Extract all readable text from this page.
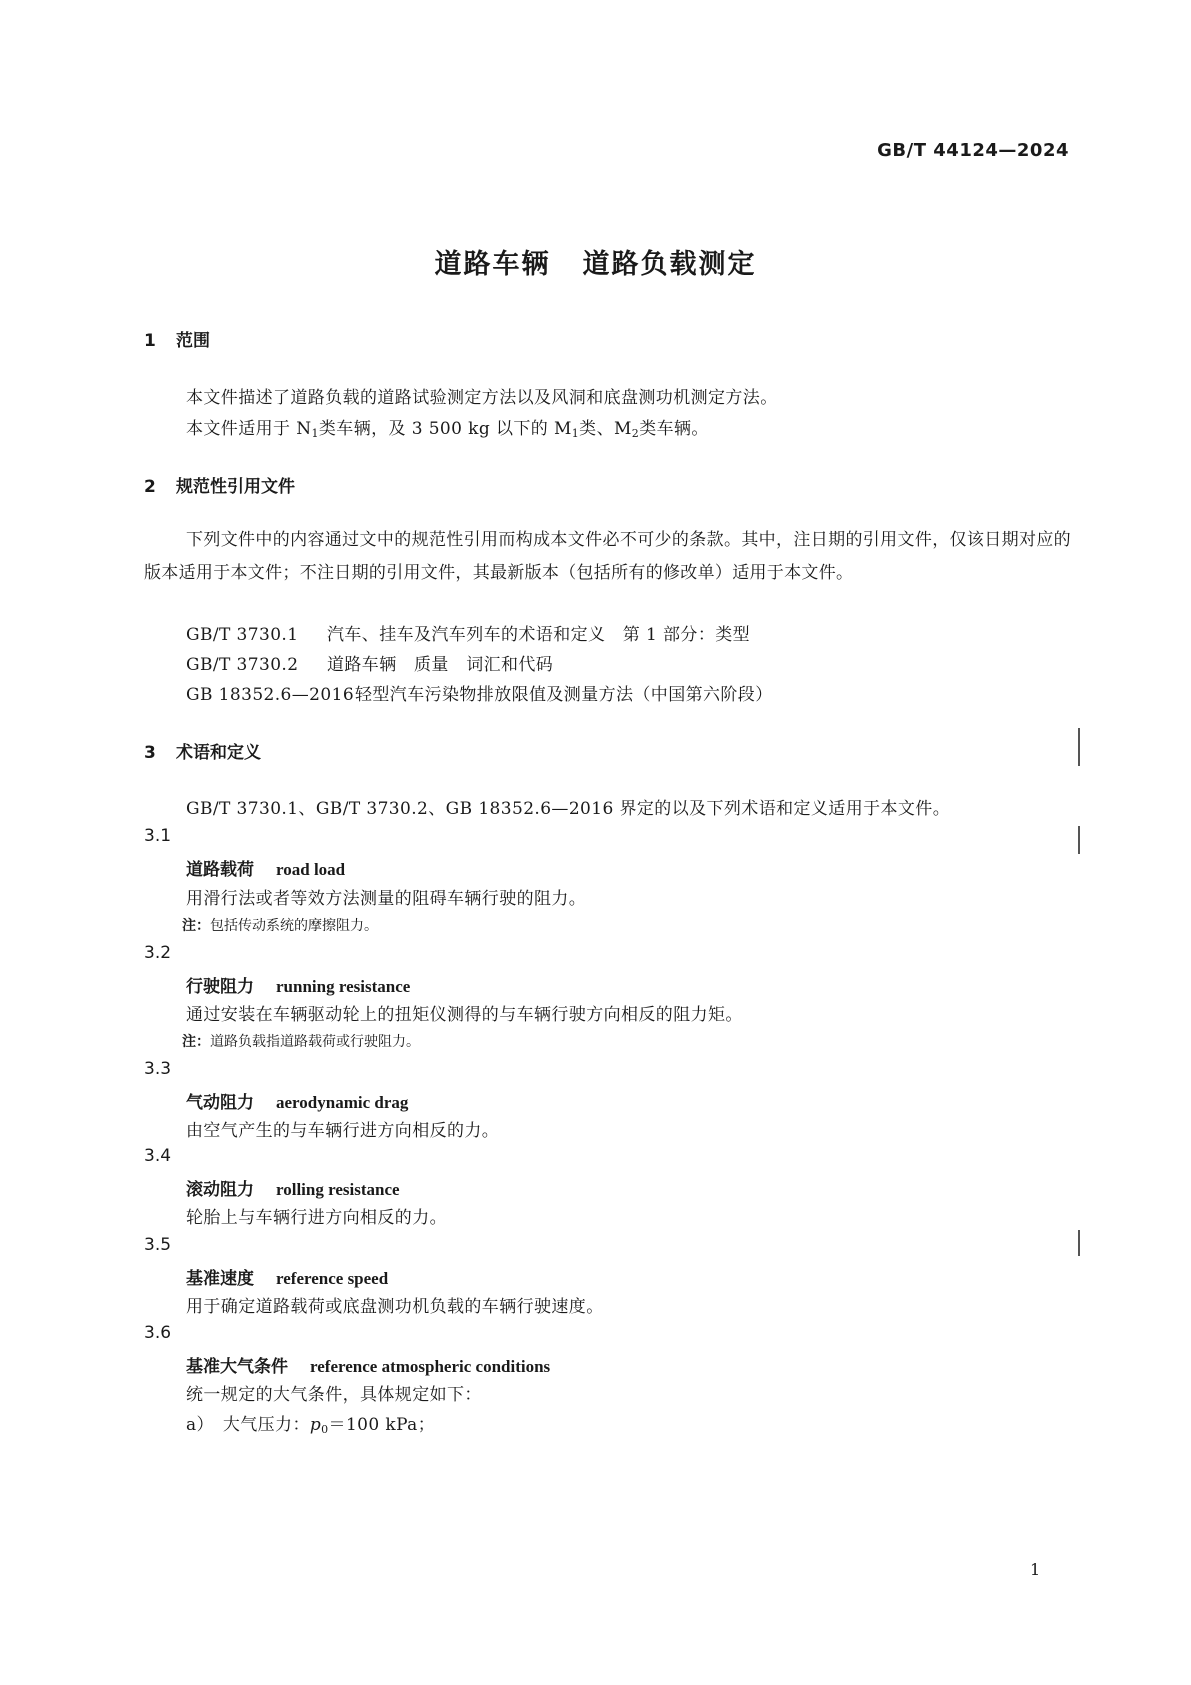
GB/T 44124—2024
道路车辆 道路负载测定
1 范围
本文件描述了道路负载的道路试验测定方法以及风洞和底盘测功机测定方法。
本文件适用于 $N_1$类车辆，及 3 500 kg 以下的 $M_1$类、$M_2$类车辆。
2 规范性引用文件
下列文件中的内容通过文中的规范性引用而构成本文件必不可少的条款。其中，注日期的引用文件，仅该日期对应的版本适用于本文件；不注日期的引用文件，其最新版本（包括所有的修改单）适用于本文件。
GB/T 3730.1 汽车、挂车及汽车列车的术语和定义　第 1 部分：类型
GB/T 3730.2 道路车辆　质量　词汇和代码
GB 18352.6—2016轻型汽车污染物排放限值及测量方法（中国第六阶段）
3 术语和定义
GB/T 3730.1、GB/T 3730.2、GB 18352.6—2016 界定的以及下列术语和定义适用于本文件。
3.1
道路载荷 road load
用滑行法或者等效方法测量的阻碍车辆行驶的阻力。
注：包括传动系统的摩擦阻力。
3.2
行驶阻力 running resistance
通过安装在车辆驱动轮上的扭矩仪测得的与车辆行驶方向相反的阻力矩。
注：道路负载指道路载荷或行驶阻力。
3.3
气动阻力 aerodynamic drag
由空气产生的与车辆行进方向相反的力。
3.4
滚动阻力 rolling resistance
轮胎上与车辆行进方向相反的力。
3.5
基准速度 reference speed
用于确定道路载荷或底盘测功机负载的车辆行驶速度。
3.6
基准大气条件 reference atmospheric conditions
统一规定的大气条件，具体规定如下：
a）　 大气压力：$p_0=100$ kPa；
1
